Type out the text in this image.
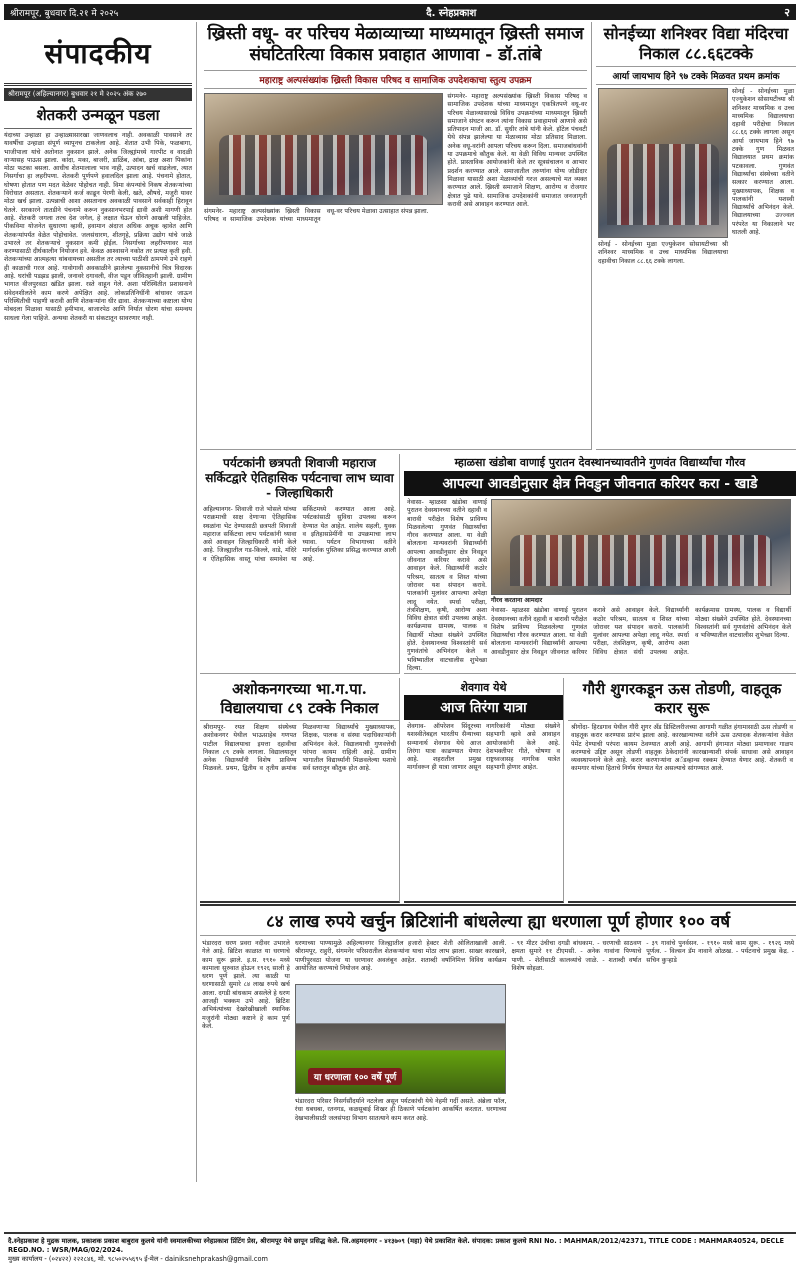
श्रीरामपूर, बुधवार दि.२१ मे २०२५	दै. स्नेहप्रकाश	२
संपादकीय
श्रीरामपूर (अहिल्यानगर) बुधवार २१ मे २०२५ अंक २७०
शेतकरी उन्मळून पडला
यंदाच्या उन्हाळा हा उन्हाळ्यासारखा जाणवलाच नाही. अवकाळी पावसाने तर यावर्षीचा उन्हाळा संपूर्ण व्यापूनच टाकलेला आहे. शेतात उभी पिके, फळबागा, भाजीपाला यांचे अतोनात नुकसान झाले. अनेक जिल्ह्यांमध्ये गारपीट व वादळी वाऱ्यासह पाऊस झाला. कांदा, मका, बाजरी, डाळिंब, आंबा, द्राक्ष अशा पिकांना मोठा फटका बसला. आधीच शेतमालाला भाव नाही, उत्पादन खर्च वाढलेला, त्यात निसर्गाचा हा लहरीपणा. शेतकरी पूर्णपणे हवालदिल झाला आहे. पंचनामे होतात, घोषणा होतात पण मदत वेळेवर पोहोचत नाही. विमा कंपन्यांचे निकष शेतकऱ्यांच्या विरोधात असतात. शेतकऱ्याने कर्ज काढून पेरणी केली, खते, औषधे, मजुरी यावर मोठा खर्च झाला. उत्पन्नाची आशा असतानाच अवकाळी पावसाने सर्वकाही हिरावून घेतले. सरकारने तातडीने पंचनामे करून नुकसानभरपाई द्यावी अशी मागणी होत आहे. शेतकरी जगला तरच देश जगेल, हे लक्षात घेऊन धोरणे आखली पाहिजेत. पीकविमा योजनेत सुधारणा व्हावी, हवामान अंदाज अधिक अचूक व्हावेत आणि शेतकऱ्यांपर्यंत वेळेत पोहोचावेत. जलसंधारण, शीतगृहे, प्रक्रिया उद्योग यांचे जाळे उभारले तर शेतकऱ्याचे नुकसान कमी होईल. निसर्गाच्या लहरीपणावर मात करण्यासाठी दीर्घकालीन नियोजन हवे. केवळ आश्वासने नकोत तर प्रत्यक्ष कृती हवी. शेतकऱ्यांच्या आत्महत्या थांबवायच्या असतील तर त्याच्या पाठीशी ठामपणे उभे राहणे ही काळाची गरज आहे. गावोगावी अवकाळीने झालेल्या नुकसानीचे चित्र विदारक आहे. घरांची पडझड झाली, जनावरे दगावली, वीज पडून जीवितहानी झाली. ग्रामीण भागात वीजपुरवठा खंडित झाला. रस्ते वाहून गेले. अशा परिस्थितीत प्रशासनाने संवेदनशीलतेने काम करणे अपेक्षित आहे. लोकप्रतिनिधींनी बांधावर जाऊन परिस्थितीची पाहणी करावी आणि शेतकऱ्यांना धीर द्यावा. शेतकऱ्याच्या कष्टाला योग्य मोबदला मिळावा यासाठी हमीभाव, बाजारपेठ आणि निर्यात धोरण यांचा समन्वय साधला गेला पाहिजे. अन्यथा शेतकरी या संकटातून सावरणार नाही.
ख्रिस्ती वधू- वर परिचय मेळाव्याच्या माध्यमातून ख्रिस्ती समाज संघटितरित्या विकास प्रवाहात आणावा - डॉ.तांबे
महाराष्ट्र अल्पसंख्यांक ख्रिस्ती विकास परिषद व सामाजिक उपदेशकाचा स्तुत्य उपक्रम
संगमनेर- महाराष्ट्र अल्पसंख्यांक ख्रिस्ती विकास परिषद व सामाजिक उपदेशक यांच्या माध्यमातून वधू-वर परिचय मेळावा उत्साहात संपन्न झाला.
संगमनेर- महाराष्ट्र अल्पसंख्यांक ख्रिस्ती विकास परिषद व सामाजिक उपदेशक यांच्या माध्यमातून एकत्रितपणे वधू-वर परिचय मेळाव्यासारखे विविध उपक्रमांच्या माध्यमातून ख्रिस्ती समाजाने संघटन करून त्यांना विकास प्रवाहामध्ये आणावे असे प्रतिपादन माजी आ. डॉ. सुधीर तांबे यांनी केले. हॉटेल पंचवटी येथे संपन्न झालेल्या या मेळाव्यास मोठा प्रतिसाद मिळाला. अनेक वधू-वरांनी आपला परिचय करून दिला. समाजबांधवांनी या उपक्रमाचे कौतुक केले. या वेळी विविध मान्यवर उपस्थित होते. प्रास्ताविक आयोजकांनी केले तर सूत्रसंचालन व आभार प्रदर्शन करण्यात आले. समाजातील तरुणांना योग्य जोडीदार मिळावा यासाठी अशा मेळाव्यांची गरज असल्याचे मत व्यक्त करण्यात आले. ख्रिस्ती समाजाने शिक्षण, आरोग्य व रोजगार क्षेत्रात पुढे यावे. सामाजिक उपदेशकांनी समाजात जनजागृती करावी असे आवाहन करण्यात आले.
सोनईच्या शनिश्वर विद्या मंदिरचा निकाल ८८.६६टक्के
आर्या जायभाय हिने ९७ टक्के मिळवत प्रथम क्रमांक
सोनई - सोनईच्या मुळा एज्युकेशन सोसायटीच्या श्री शनिश्वर माध्यमिक व उच्च माध्यमिक विद्यालयाचा दहावीचा निकाल ८८.६६ टक्के लागला.
सोनई - सोनईच्या मुळा एज्युकेशन सोसायटीच्या श्री शनिश्वर माध्यमिक व उच्च माध्यमिक विद्यालयाचा दहावी परीक्षेचा निकाल ८८.६६ टक्के लागला असून आर्या जायभाय हिने ९७ टक्के गुण मिळवत विद्यालयात प्रथम क्रमांक पटकावला. गुणवंत विद्यार्थ्यांचा संस्थेच्या वतीने सत्कार करण्यात आला. मुख्याध्यापक, शिक्षक व पालकांनी यशस्वी विद्यार्थ्यांचे अभिनंदन केले. विद्यालयाच्या उज्ज्वल परंपरेत या निकालाने भर घातली आहे.
पर्यटकांनी छत्रपती शिवाजी महाराज सर्किटद्वारे ऐतिहासिक पर्यटनाचा लाभ घ्यावा - जिल्हाधिकारी
अहिल्यानगर- शिवाजी राजे भोसले यांच्या पराक्रमाची साक्ष देणाऱ्या ऐतिहासिक स्थळांना भेट देण्यासाठी छत्रपती शिवाजी महाराज सर्किटचा लाभ पर्यटकांनी घ्यावा असे आवाहन जिल्हाधिकारी यांनी केले आहे. जिल्ह्यातील गड-किल्ले, वाडे, मंदिरे व ऐतिहासिक वास्तू यांचा समावेश या सर्किटमध्ये करण्यात आला आहे. पर्यटकांसाठी सुविधा उपलब्ध करून देण्यात येत आहेत. शालेय सहली, युवक व इतिहासप्रेमींनी या उपक्रमाचा लाभ घ्यावा. पर्यटन विभागाच्या वतीने मार्गदर्शक पुस्तिका प्रसिद्ध करण्यात आली आहे.
म्हाळसा खंडोबा वाणाई पुरातन देवस्थानच्यावतीने गुणवंत विद्यार्थ्यांचा गौरव
आपल्या आवडीनुसार क्षेत्र निवडुन जीवनात करियर करा - खाडे
नेवासा- म्हाळसा खंडोबा वाणाई पुरातन देवस्थानच्या वतीने दहावी व बारावी परीक्षेत विशेष प्राविण्य मिळवलेल्या गुणवंत विद्यार्थ्यांचा गौरव करण्यात आला. या वेळी बोलताना मान्यवरांनी विद्यार्थ्यांनी आपल्या आवडीनुसार क्षेत्र निवडून जीवनात करियर करावे असे आवाहन केले. विद्यार्थ्यांनी कठोर परिश्रम, सातत्य व शिस्त यांच्या जोरावर यश संपादन करावे. पालकांनी मुलांवर आपल्या अपेक्षा लादू नयेत. स्पर्धा परीक्षा, तंत्रशिक्षण, कृषी, आरोग्य अशा विविध क्षेत्रात संधी उपलब्ध आहेत. कार्यक्रमास ग्रामस्थ, पालक व विद्यार्थी मोठ्या संख्येने उपस्थित होते. देवस्थानच्या विश्वस्तांनी सर्व गुणवंतांचे अभिनंदन केले व भविष्यातील वाटचालीस शुभेच्छा दिल्या.
गौरव करताना आमदार
नेवासा- म्हाळसा खंडोबा वाणाई पुरातन देवस्थानच्या वतीने दहावी व बारावी परीक्षेत विशेष प्राविण्य मिळवलेल्या गुणवंत विद्यार्थ्यांचा गौरव करण्यात आला. या वेळी बोलताना मान्यवरांनी विद्यार्थ्यांनी आपल्या आवडीनुसार क्षेत्र निवडून जीवनात करियर करावे असे आवाहन केले. विद्यार्थ्यांनी कठोर परिश्रम, सातत्य व शिस्त यांच्या जोरावर यश संपादन करावे. पालकांनी मुलांवर आपल्या अपेक्षा लादू नयेत. स्पर्धा परीक्षा, तंत्रशिक्षण, कृषी, आरोग्य अशा विविध क्षेत्रात संधी उपलब्ध आहेत. कार्यक्रमास ग्रामस्थ, पालक व विद्यार्थी मोठ्या संख्येने उपस्थित होते. देवस्थानच्या विश्वस्तांनी सर्व गुणवंतांचे अभिनंदन केले व भविष्यातील वाटचालीस शुभेच्छा दिल्या.
अशोकनगरच्या भा.ग.पा. विद्यालयाचा ८९ टक्के निकाल
श्रीरामपूर- रयत शिक्षण संस्थेच्या अशोकनगर येथील भाऊसाहेब गणपत पाटील विद्यालयाचा इयत्ता दहावीचा निकाल ८९ टक्के लागला. विद्यालयातून अनेक विद्यार्थ्यांनी विशेष प्राविण्य मिळवले. प्रथम, द्वितीय व तृतीय क्रमांक मिळवणाऱ्या विद्यार्थ्यांचे मुख्याध्यापक, शिक्षक, पालक व संस्था पदाधिकाऱ्यांनी अभिनंदन केले. विद्यालयाची गुणवत्तेची परंपरा कायम राहिली आहे. ग्रामीण भागातील विद्यार्थ्यांनी मिळवलेल्या यशाचे सर्व स्तरातून कौतुक होत आहे.
शेवगाव येथे
आज तिरंगा यात्रा
शेवगाव- ऑपरेशन सिंदूरच्या यशस्वीतेबद्दल भारतीय सैन्याच्या सन्मानार्थ शेवगाव येथे आज तिरंगा यात्रा काढण्यात येणार आहे. शहरातील प्रमुख मार्गावरून ही यात्रा जाणार असून नागरिकांनी मोठ्या संख्येने सहभागी व्हावे असे आवाहन आयोजकांनी केले आहे. देशभक्तीपर गीते, घोषणा व राष्ट्रध्वजासह नागरिक यात्रेत सहभागी होणार आहेत.
गौरी शुगरकडून ऊस तोडणी, वाहतूक करार सुरू
श्रीगोंदा- हिरडगाव येथील गौरी शुगर अँड डिस्टिलरीजच्या आगामी गळीत हंगामासाठी ऊस तोडणी व वाहतूक करार करण्यास प्रारंभ झाला आहे. कारखान्याच्या वतीने ऊस उत्पादक शेतकऱ्यांना वेळेत पेमेंट देण्याची परंपरा कायम ठेवण्यात आली आहे. आगामी हंगामात मोठ्या प्रमाणावर गाळप करण्याचे उद्दिष्ट असून तोडणी वाहतूक ठेकेदारांनी कारखान्याशी संपर्क साधावा असे आवाहन व्यवस्थापनाने केले आहे. करार करणाऱ्यांना अॅडव्हान्स रक्कम देण्यात येणार आहे. शेतकरी व कामगार यांच्या हिताचे निर्णय घेण्यात येत असल्याचे सांगण्यात आले.
८४ लाख रुपये खर्चुन ब्रिटिशांनी बांधलेल्या ह्या धरणाला पूर्ण होणार १०० वर्ष
भंडारदरा धरण प्रवरा नदीवर उभारले गेले आहे. ब्रिटिश काळात या धरणाचे काम सुरू झाले. इ.स. १९१० मध्ये कामाला सुरुवात होऊन १९२६ साली हे धरण पूर्ण झाले. त्या काळी या धरणासाठी सुमारे ८४ लाख रुपये खर्च आला. दगडी बांधकाम असलेले हे धरण आजही भक्कम उभे आहे. ब्रिटिश अभियंत्यांच्या देखरेखीखाली स्थानिक मजुरांनी मोठ्या कष्टाने हे काम पूर्ण केले.
धरणाच्या पाण्यामुळे अहिल्यानगर जिल्ह्यातील हजारो हेक्टर शेती ओलिताखाली आली. श्रीरामपूर, राहुरी, संगमनेर परिसरातील शेतकऱ्यांना याचा मोठा लाभ झाला. साखर कारखाने, पाणीपुरवठा योजना या धरणावर अवलंबून आहेत. शताब्दी वर्षानिमित्त विविध कार्यक्रम आयोजित करण्याचे नियोजन आहे.
या धरणाला १०० वर्षे पूर्ण
भंडारदरा परिसर निसर्गसौंदर्याने नटलेला असून पर्यटकांची येथे नेहमी गर्दी असते. अंब्रेला फॉल, रंधा धबधबा, रतनगड, कळसूबाई शिखर ही ठिकाणे पर्यटकांना आकर्षित करतात. धरणाच्या देखभालीसाठी जलसंपदा विभाग सातत्याने काम करत आहे.
- ९१ मीटर उंचीचा दगडी बांधकाम. - धरणाची साठवण क्षमता सुमारे ११ टीएमसी. - अनेक गावांना पिण्याचे पाणी. - शेतीसाठी कालव्यांचे जाळे. - शताब्दी वर्षात विशेष सोहळा.
- ३९ गावांचे पुनर्वसन. - १९१० मध्ये काम सुरू. - १९२६ मध्ये पूर्णत्व. - विल्सन डॅम नावाने ओळख. - पर्यटनाचे प्रमुख केंद्र. - सचिन कुऱ्हाडे
दै.स्नेहप्रकाश हे मुद्रक मालक, प्रकाशक प्रकाश बाबुराव कुलथे यांनी स्वमालकीच्या स्नेहप्रकाश प्रिंटिंग प्रेस, श्रीरामपूर येथे छापून प्रसिद्ध केले. जि.अहमदनगर - ४१३७०९ (महा) येथे प्रकाशित केले. संपादक: प्रकाश कुलथे RNI No. : MAHMAR/2012/42371, TITLE CODE : MAHMAR40524, DECLE REGD.NO. : WSR/MAG/02/2024.
मुख्य कार्यालय - (०२४२२) २२२८४६, मो. ९८५०२५५६९५ ई-मेल - dainiksnehprakash@gmail.com
